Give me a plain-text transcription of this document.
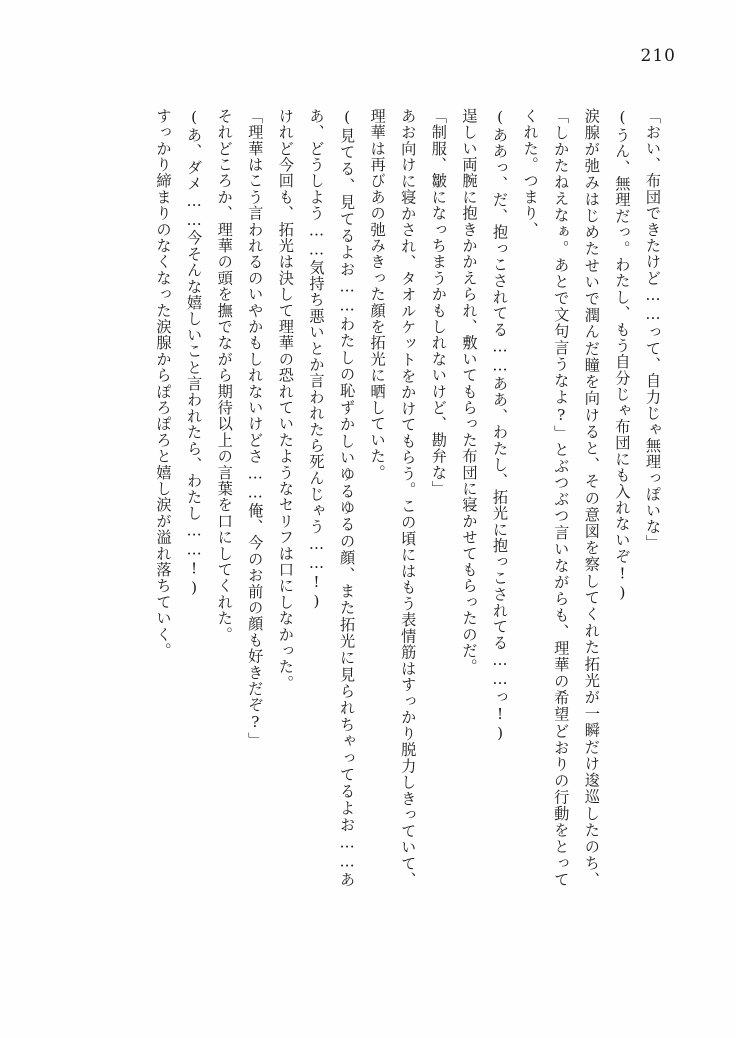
210

「おい、布団できたけど……って、自力じゃ無理っぽいな」

(うん、無理だっ。わたし、もう自分じゃ布団にも入れないぞ!)

涙腺が弛みはじめたせいで潤んだ瞳を向けると、その意図を察してくれた拓光が一瞬だけ逡巡したのち、「しかたねえなぁ。あとで文句言うなよ?」とぶつぶつ言いながらも、理華の希望どおりの行動をとってくれた。つまり、

(ああっ、だ、抱っこされてる……ああ、わたし、拓光に抱っこされてる……っ!)

逞しい両腕に抱きかかえられ、敷いてもらった布団に寝かせてもらったのだ。

「制服、皺になっちまうかもしれないけど、勘弁な」

あお向けに寝かされ、タオルケットをかけてもらう。この頃にはもう表情筋はすっかり脱力しきっていて、理華は再びあの弛みきった顔を拓光に晒していた。

(見てる、見てるよお……わたしの恥ずかしいゆるゆるの顔、また拓光に見られちゃってるよお……ああ、どうしよう……気持ち悪いとか言われたら死んじゃう……!)

けれど今回も、拓光は決して理華の恐れていたようなセリフは口にしなかった。

「理華はこう言われるのいやかもしれないけどさ……俺、今のお前の顔も好きだぞ?」

それどころか、理華の頭を撫でながら期待以上の言葉を口にしてくれた。

(あ、ダメ……今そんな嬉しいこと言われたら、わたし……!)

すっかり締まりのなくなった涙腺からぽろぽろと嬉し涙が溢れ落ちていく。
